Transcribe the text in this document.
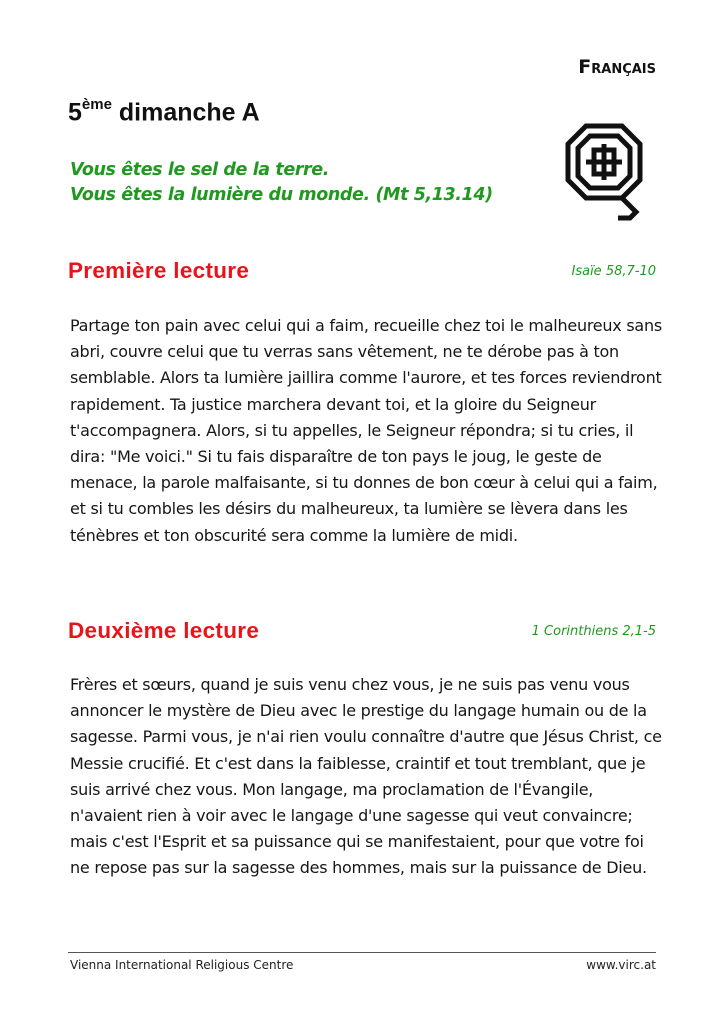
Français
5ème dimanche A
Vous êtes le sel de la terre.
Vous êtes la lumière du monde. (Mt 5,13.14)
Première lecture	Isaïe 58,7-10

Partage ton pain avec celui qui a faim, recueille chez toi le malheureux sans abri, couvre celui que tu verras sans vêtement, ne te dérobe pas à ton semblable. Alors ta lumière jaillira comme l'aurore, et tes forces reviendront rapidement. Ta justice marchera devant toi, et la gloire du Seigneur t'accompagnera. Alors, si tu appelles, le Seigneur répondra; si tu cries, il dira: "Me voici." Si tu fais disparaître de ton pays le joug, le geste de menace, la parole malfaisante, si tu donnes de bon cœur à celui qui a faim, et si tu combles les désirs du malheureux, ta lumière se lèvera dans les ténèbres et ton obscurité sera comme la lumière de midi.

Deuxième lecture	1 Corinthiens 2,1-5

Frères et sœurs, quand je suis venu chez vous, je ne suis pas venu vous annoncer le mystère de Dieu avec le prestige du langage humain ou de la sagesse. Parmi vous, je n'ai rien voulu connaître d'autre que Jésus Christ, ce Messie crucifié. Et c'est dans la faiblesse, craintif et tout tremblant, que je suis arrivé chez vous. Mon langage, ma proclamation de l'Évangile, n'avaient rien à voir avec le langage d'une sagesse qui veut convaincre; mais c'est l'Esprit et sa puissance qui se manifestaient, pour que votre foi ne repose pas sur la sagesse des hommes, mais sur la puissance de Dieu.

Vienna International Religious Centre	www.virc.at
